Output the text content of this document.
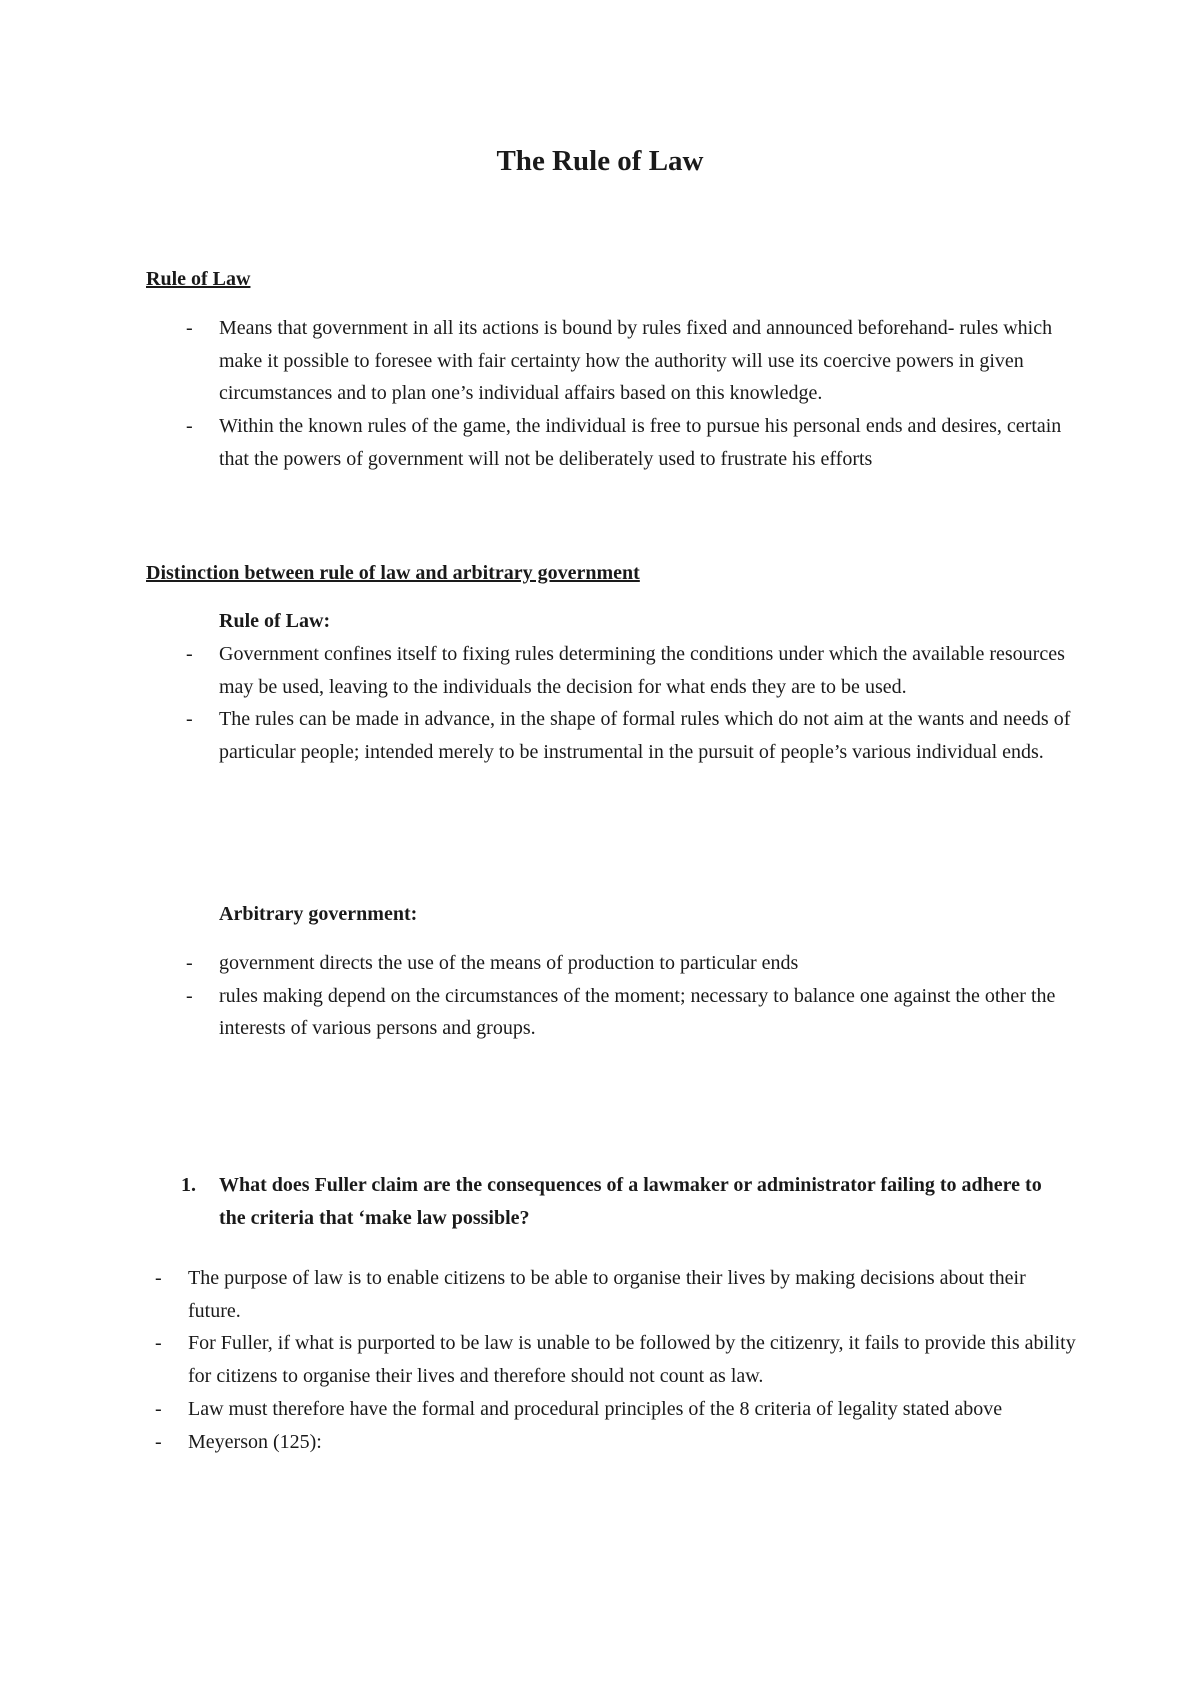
The Rule of Law
Rule of Law
- Means that government in all its actions is bound by rules fixed and announced beforehand- rules which make it possible to foresee with fair certainty how the authority will use its coercive powers in given circumstances and to plan one’s individual affairs based on this knowledge.
- Within the known rules of the game, the individual is free to pursue his personal ends and desires, certain that the powers of government will not be deliberately used to frustrate his efforts
Distinction between rule of law and arbitrary government
Rule of Law:
- Government confines itself to fixing rules determining the conditions under which the available resources may be used, leaving to the individuals the decision for what ends they are to be used.
- The rules can be made in advance, in the shape of formal rules which do not aim at the wants and needs of particular people; intended merely to be instrumental in the pursuit of people’s various individual ends.
Arbitrary government:
- government directs the use of the means of production to particular ends
- rules making depend on the circumstances of the moment; necessary to balance one against the other the interests of various persons and groups.
1. What does Fuller claim are the consequences of a lawmaker or administrator failing to adhere to the criteria that ‘make law possible?
- The purpose of law is to enable citizens to be able to organise their lives by making decisions about their future.
- For Fuller, if what is purported to be law is unable to be followed by the citizenry, it fails to provide this ability for citizens to organise their lives and therefore should not count as law.
- Law must therefore have the formal and procedural principles of the 8 criteria of legality stated above
- Meyerson (125):
